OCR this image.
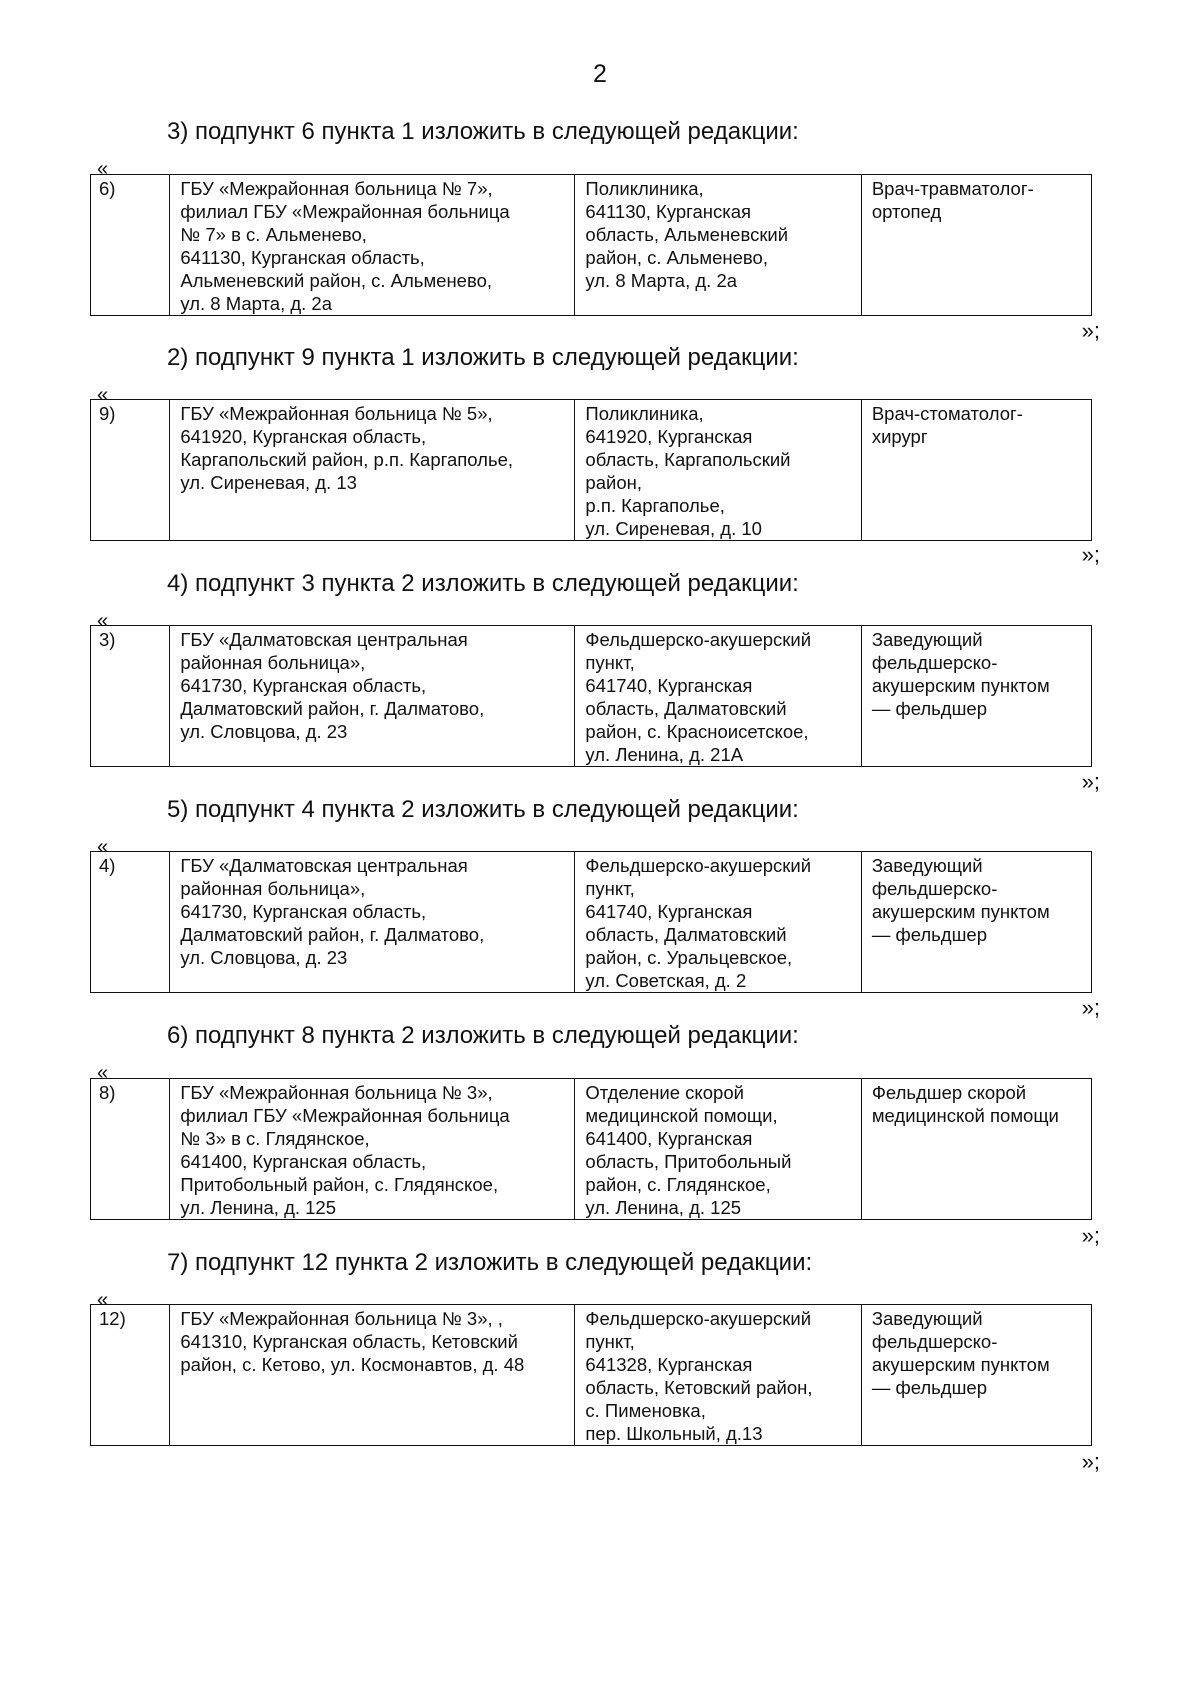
2
3) подпункт 6 пункта 1 изложить в следующей редакции:
«
6)	ГБУ «Межрайонная больница № 7»,
филиал ГБУ «Межрайонная больница
№ 7» в с. Альменево,
641130, Курганская область,
Альменевский район, с. Альменево,
ул. 8 Марта, д. 2а

Поликлиника,
641130, Курганская
область, Альменевский
район, с. Альменево,
ул. 8 Марта, д. 2а

Врач-травматолог-
ортопед
»;
2) подпункт 9 пункта 1 изложить в следующей редакции:
«
9)	ГБУ «Межрайонная больница № 5»,
641920, Курганская область,
Каргапольский район, р.п. Каргаполье,
ул. Сиреневая, д. 13

Поликлиника,
641920, Курганская
область, Каргапольский
район,
р.п. Каргаполье,
ул. Сиреневая, д. 10

Врач-стоматолог-
хирург
»;
4) подпункт 3 пункта 2 изложить в следующей редакции:
«
3)	ГБУ «Далматовская центральная
районная больница»,
641730, Курганская область,
Далматовский район, г. Далматово,
ул. Словцова, д. 23

Фельдшерско-акушерский
пункт,
641740, Курганская
область, Далматовский
район, с. Красноисетское,
ул. Ленина, д. 21А

Заведующий
фельдшерско-
акушерским пунктом
— фельдшер
»;
5) подпункт 4 пункта 2 изложить в следующей редакции:
«
4)	ГБУ «Далматовская центральная
районная больница»,
641730, Курганская область,
Далматовский район, г. Далматово,
ул. Словцова, д. 23

Фельдшерско-акушерский
пункт,
641740, Курганская
область, Далматовский
район, с. Уральцевское,
ул. Советская, д. 2

Заведующий
фельдшерско-
акушерским пунктом
— фельдшер
»;
6) подпункт 8 пункта 2 изложить в следующей редакции:
«
8)	ГБУ «Межрайонная больница № 3»,
филиал ГБУ «Межрайонная больница
№ 3» в с. Глядянское,
641400, Курганская область,
Притобольный район, с. Глядянское,
ул. Ленина, д. 125

Отделение скорой
медицинской помощи,
641400, Курганская
область, Притобольный
район, с. Глядянское,
ул. Ленина, д. 125

Фельдшер скорой
медицинской помощи
»;
7) подпункт 12 пункта 2 изложить в следующей редакции:
«
12)	ГБУ «Межрайонная больница № 3», ,
641310, Курганская область, Кетовский
район, с. Кетово, ул. Космонавтов, д. 48

Фельдшерско-акушерский
пункт,
641328, Курганская
область, Кетовский район,
с. Пименовка,
пер. Школьный, д.13

Заведующий
фельдшерско-
акушерским пунктом
— фельдшер
»;
